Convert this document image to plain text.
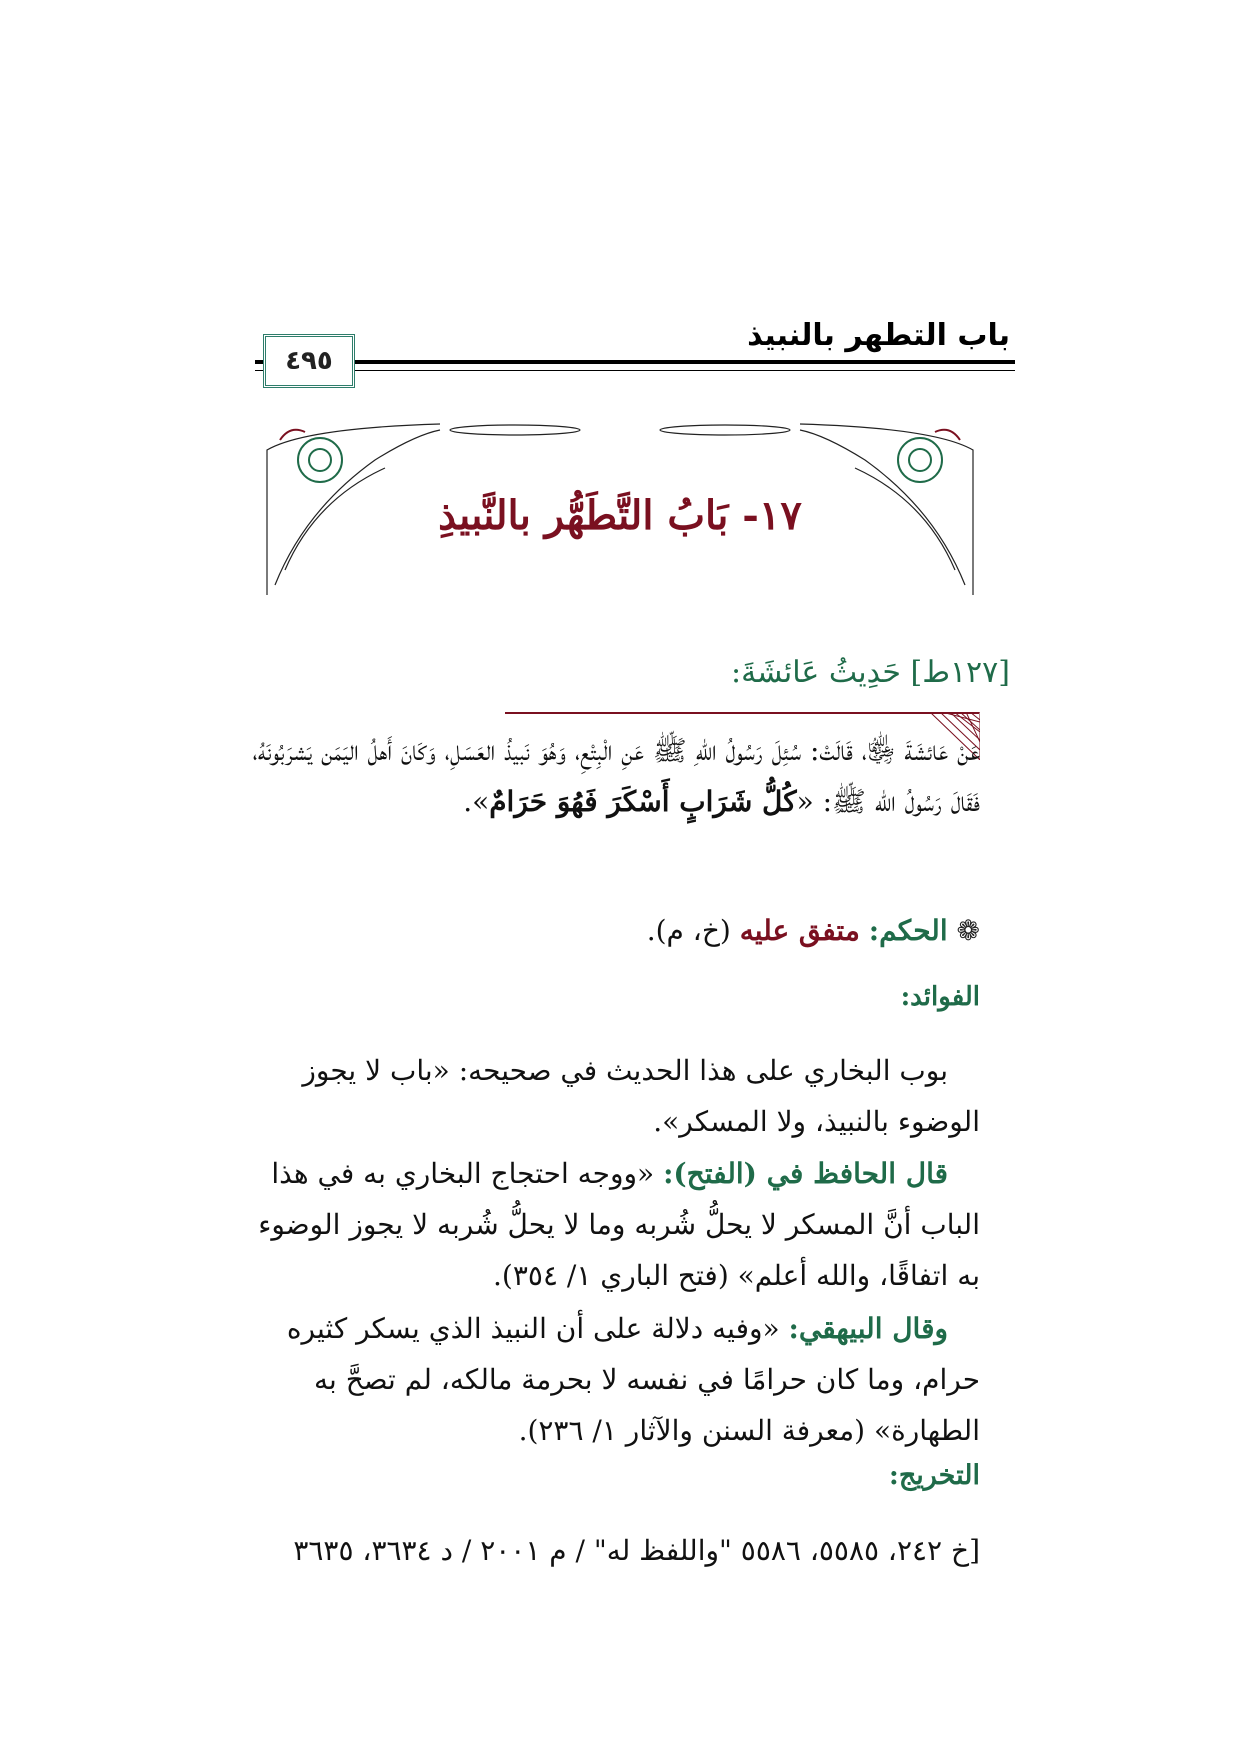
باب التطهر بالنبيذ
٤٩٥
١٧- بَابُ التَّطَهُّر بالنَّبيذِ
[١٢٧ط] حَدِيثُ عَائشَةَ:
عَنْ عَائشَةَ ﵂، قَالَتْ: سُئِلَ رَسُولُ اللهِ ﷺ عَنِ الْبِتْعِ، وَهُوَ نَبيذُ العَسَلِ، وَكَانَ أَهلُ اليَمَن يَشرَبُونَهُ، فَقَالَ رَسُولُ الله ﷺ: «كُلُّ شَرَابٍ أَسْكَرَ فَهُوَ حَرَامٌ».
❁ الحكم: متفق عليه (خ، م).
الفوائد:
بوب البخاري على هذا الحديث في صحيحه: «باب لا يجوز الوضوء بالنبيذ، ولا المسكر».
قال الحافظ في (الفتح): «ووجه احتجاج البخاري به في هذا الباب أنَّ المسكر لا يحلُّ شُربه وما لا يحلُّ شُربه لا يجوز الوضوء به اتفاقًا، والله أعلم» (فتح الباري ١/ ٣٥٤).
وقال البيهقي: «وفيه دلالة على أن النبيذ الذي يسكر كثيره حرام، وما كان حرامًا في نفسه لا بحرمة مالكه، لم تصحَّ به الطهارة» (معرفة السنن والآثار ١/ ٢٣٦).
التخريج:
[خ ٢٤٢، ٥٥٨٥، ٥٥٨٦ "واللفظ له" / م ٢٠٠١ / د ٣٦٣٤، ٣٦٣٥
